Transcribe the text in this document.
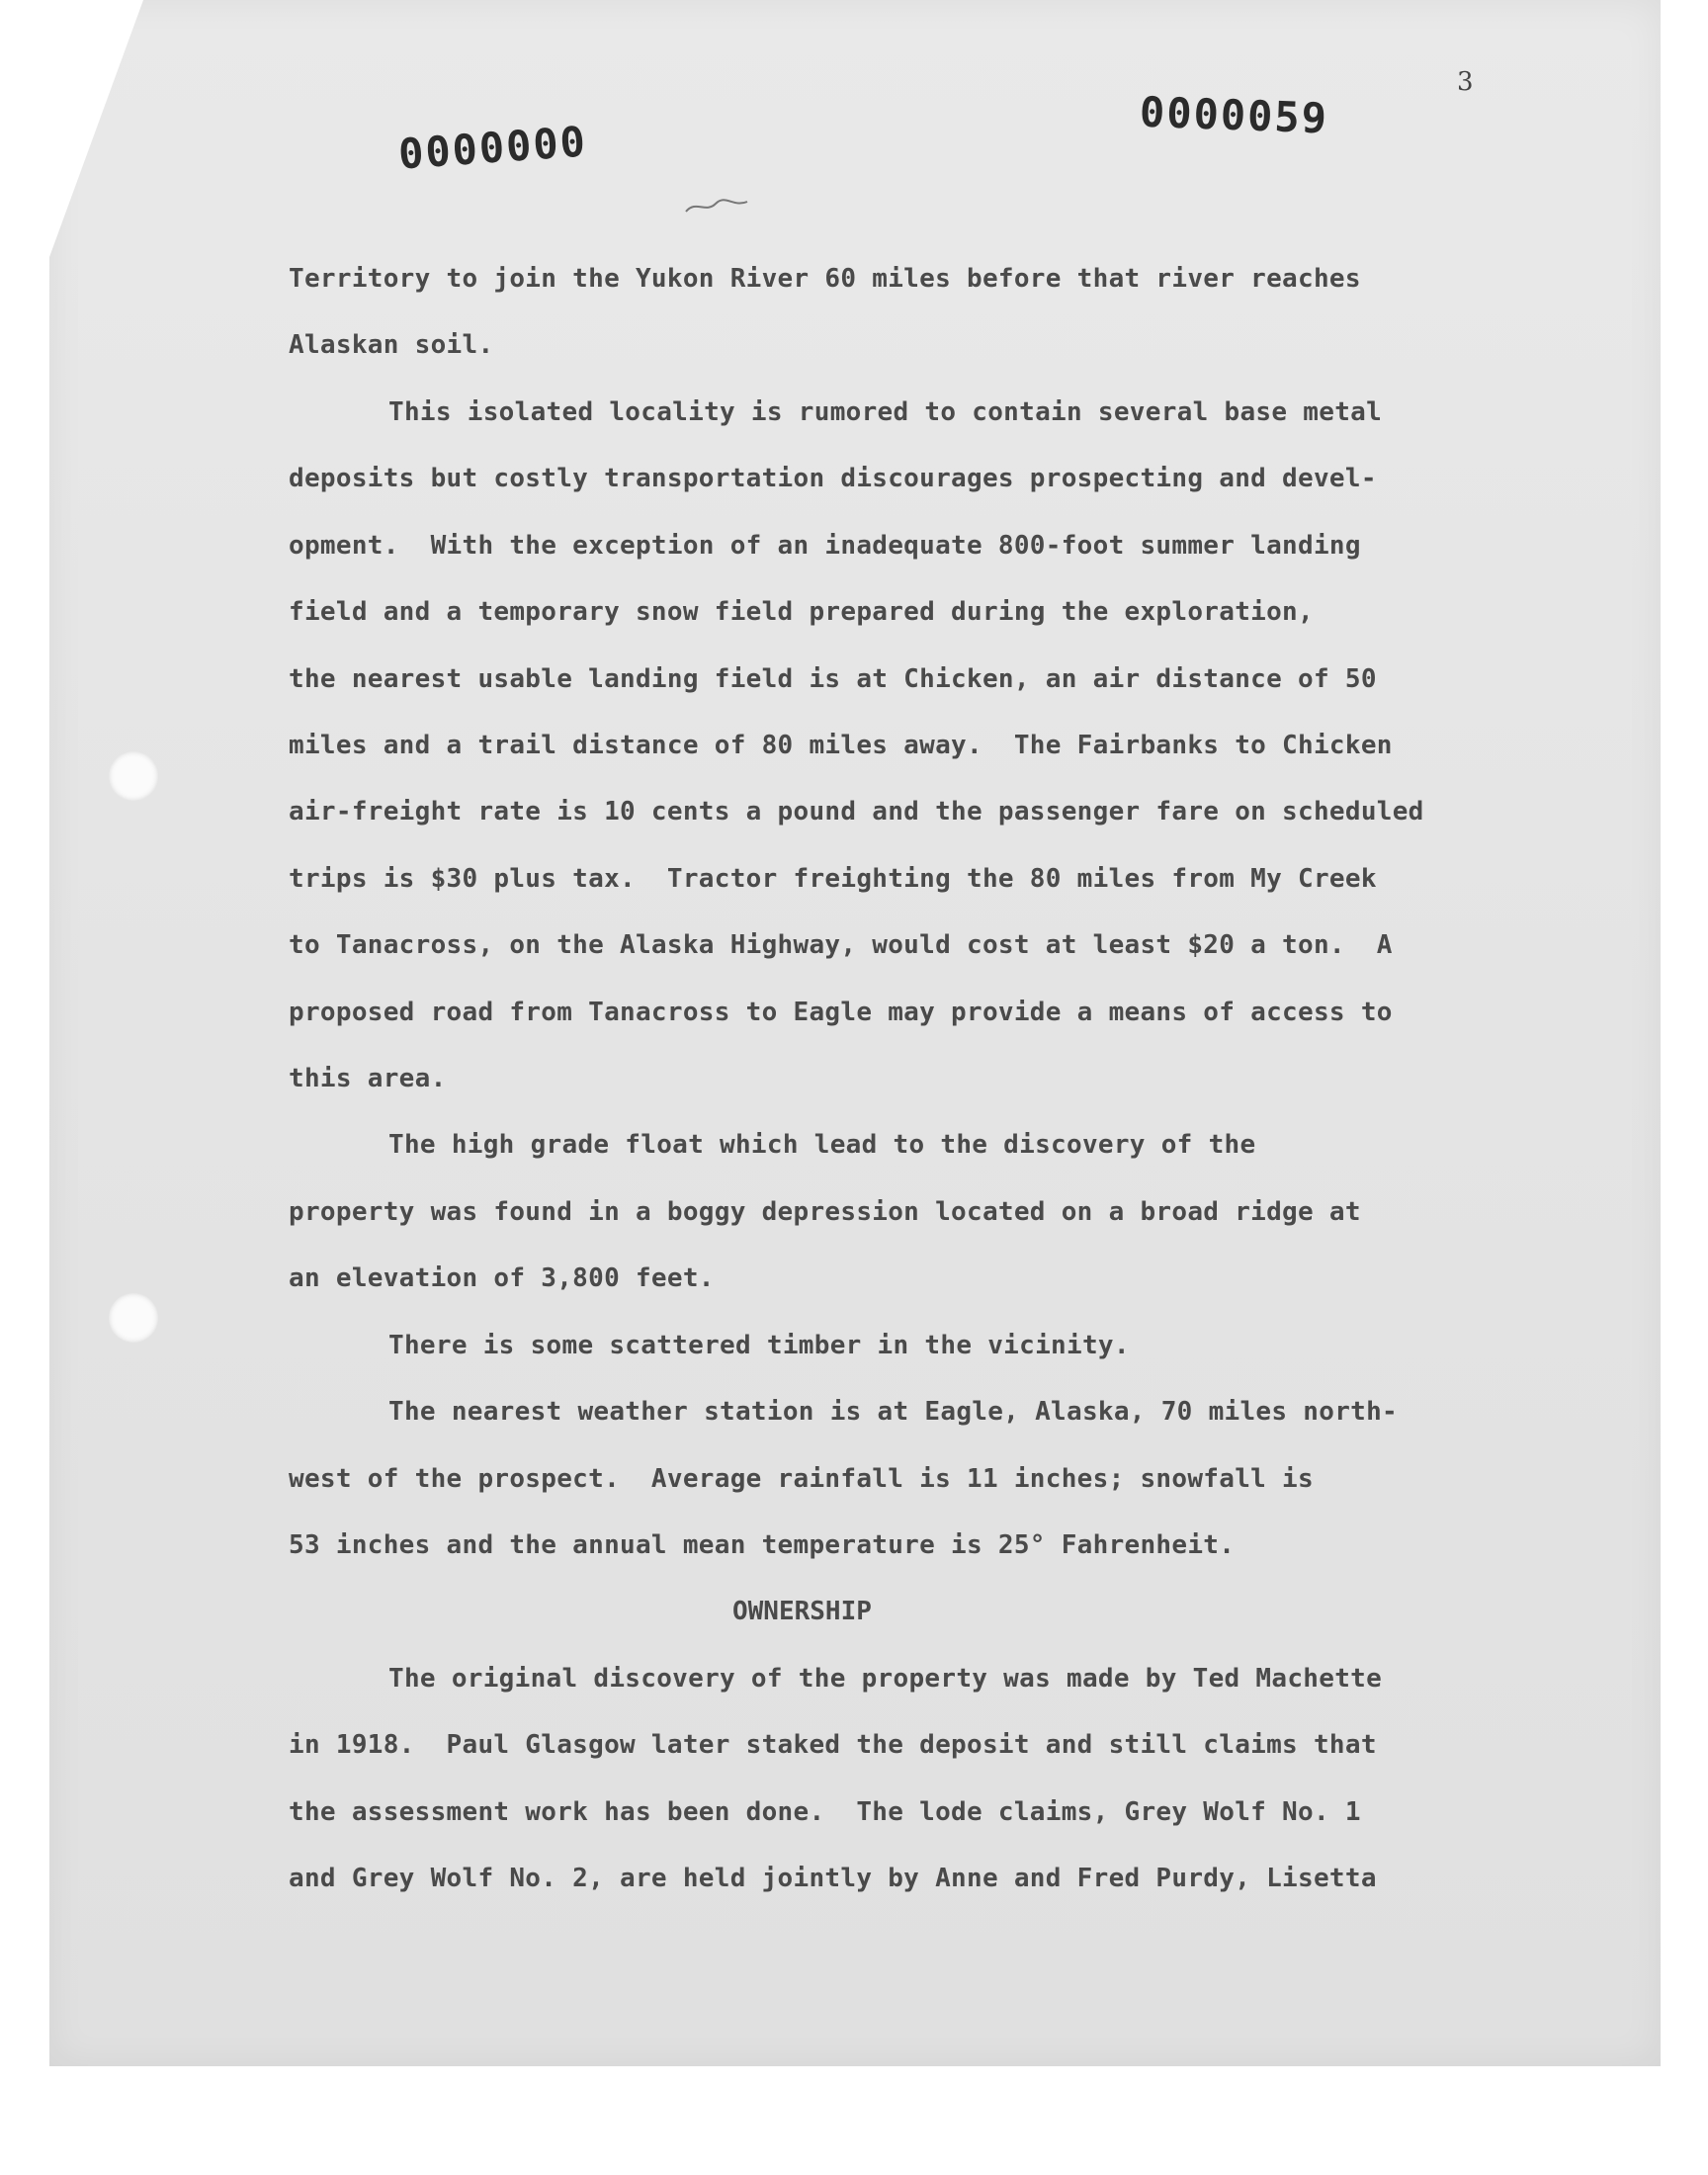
0000000
0000059
3
Territory to join the Yukon River 60 miles before that river reaches
Alaskan soil.
This isolated locality is rumored to contain several base metal
deposits but costly transportation discourages prospecting and devel-
opment.  With the exception of an inadequate 800-foot summer landing
field and a temporary snow field prepared during the exploration,
the nearest usable landing field is at Chicken, an air distance of 50
miles and a trail distance of 80 miles away.  The Fairbanks to Chicken
air-freight rate is 10 cents a pound and the passenger fare on scheduled
trips is $30 plus tax.  Tractor freighting the 80 miles from My Creek
to Tanacross, on the Alaska Highway, would cost at least $20 a ton.  A
proposed road from Tanacross to Eagle may provide a means of access to
this area.
The high grade float which lead to the discovery of the
property was found in a boggy depression located on a broad ridge at
an elevation of 3,800 feet.
There is some scattered timber in the vicinity.
The nearest weather station is at Eagle, Alaska, 70 miles north-
west of the prospect.  Average rainfall is 11 inches; snowfall is
53 inches and the annual mean temperature is 25° Fahrenheit.
OWNERSHIP
The original discovery of the property was made by Ted Machette
in 1918.  Paul Glasgow later staked the deposit and still claims that
the assessment work has been done.  The lode claims, Grey Wolf No. 1
and Grey Wolf No. 2, are held jointly by Anne and Fred Purdy, Lisetta
